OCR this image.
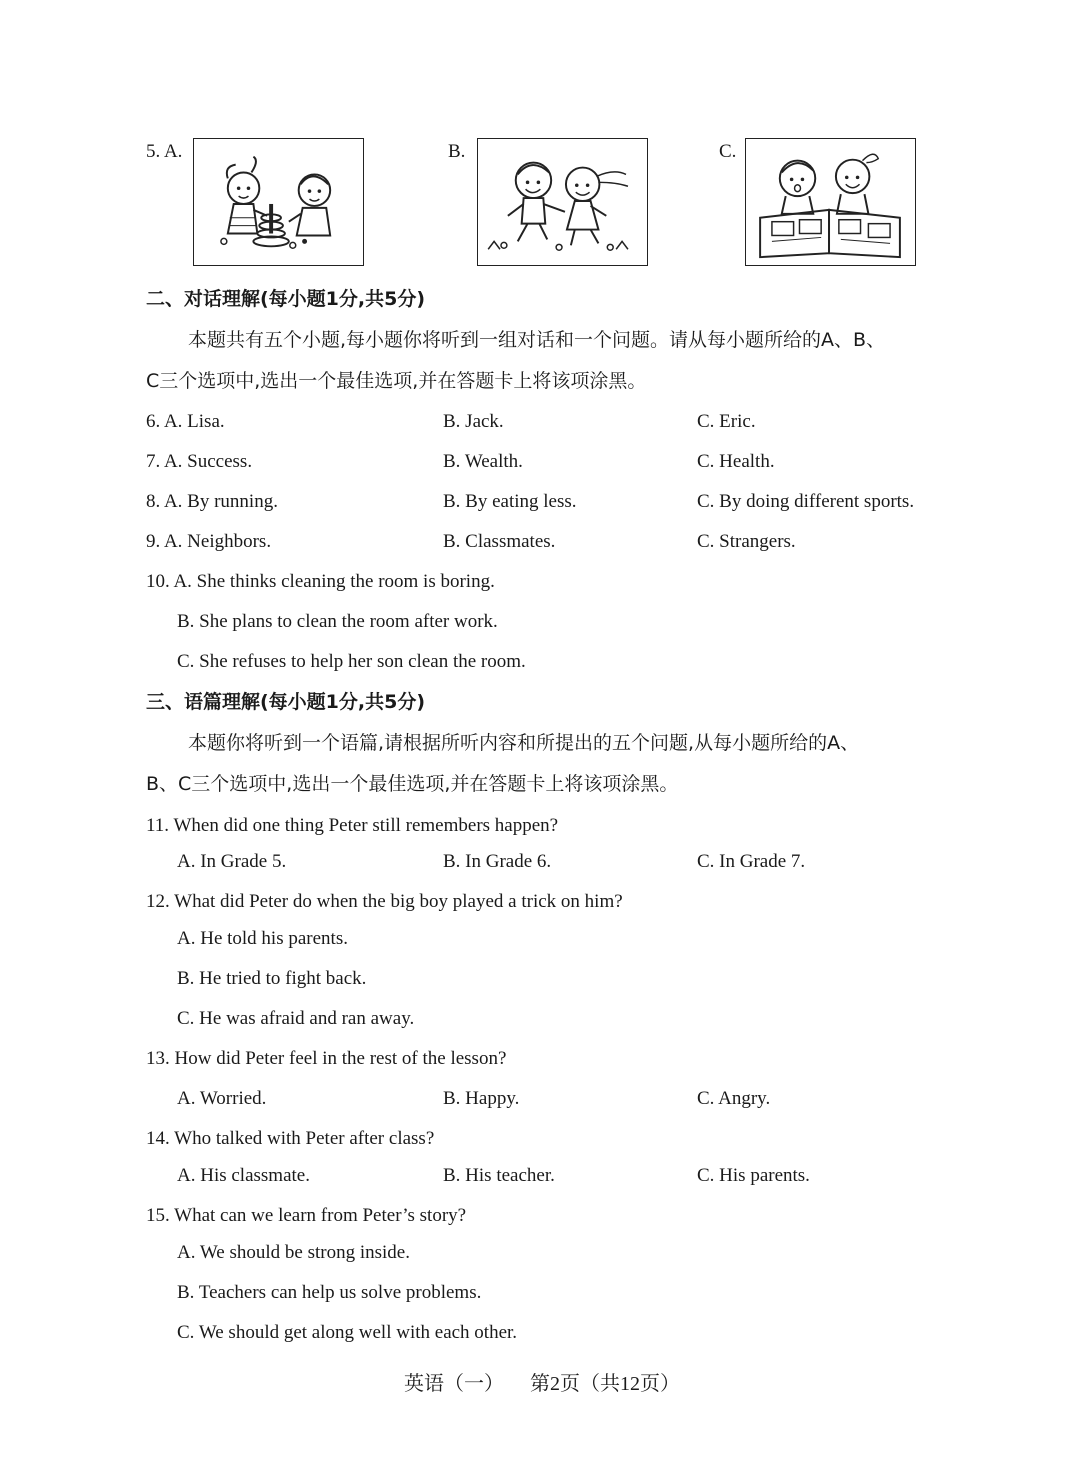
5. A.	B.	C.
二、对话理解(每小题1分,共5分)
本题共有五个小题,每小题你将听到一组对话和一个问题。请从每小题所给的A、B、
C三个选项中,选出一个最佳选项,并在答题卡上将该项涂黑。
6. A. Lisa.	B. Jack.	C. Eric.
7. A. Success.	B. Wealth.	C. Health.
8. A. By running.	B. By eating less.	C. By doing different sports.
9. A. Neighbors.	B. Classmates.	C. Strangers.
10. A. She thinks cleaning the room is boring.
B. She plans to clean the room after work.
C. She refuses to help her son clean the room.
三、语篇理解(每小题1分,共5分)
本题你将听到一个语篇,请根据所听内容和所提出的五个问题,从每小题所给的A、
B、C三个选项中,选出一个最佳选项,并在答题卡上将该项涂黑。
11. When did one thing Peter still remembers happen?
A. In Grade 5.	B. In Grade 6.	C. In Grade 7.
12. What did Peter do when the big boy played a trick on him?
A. He told his parents.
B. He tried to fight back.
C. He was afraid and ran away.
13. How did Peter feel in the rest of the lesson?
A. Worried.	B. Happy.	C. Angry.
14. Who talked with Peter after class?
A. His classmate.	B. His teacher.	C. His parents.
15. What can we learn from Peter’s story?
A. We should be strong inside.
B. Teachers can help us solve problems.
C. We should get along well with each other.
英语（一） 第2页（共12页）
